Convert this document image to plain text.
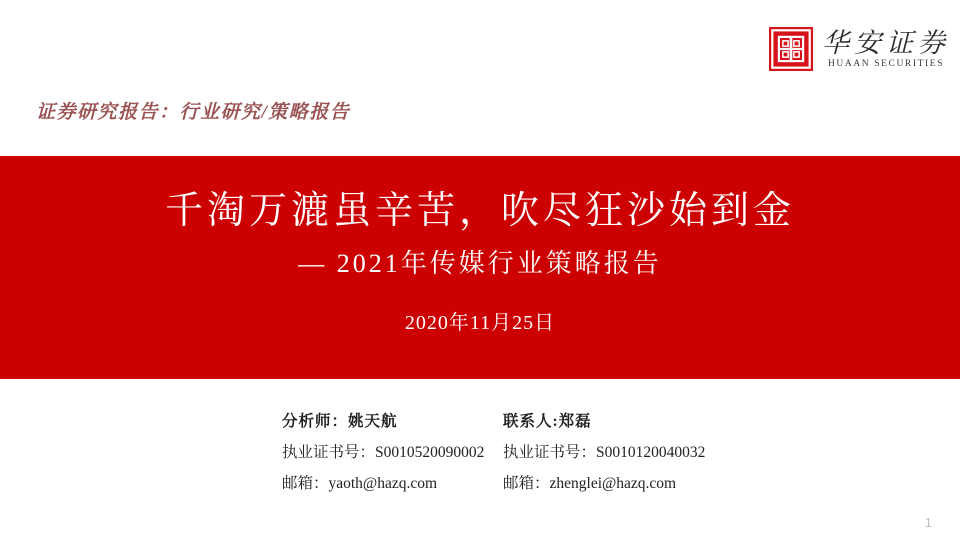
华安证券
HUAAN SECURITIES
证券研究报告：行业研究/策略报告
千淘万漉虽辛苦，吹尽狂沙始到金
— 2021年传媒行业策略报告
2020年11月25日
分析师：姚天航
执业证书号：S0010520090002
邮箱：yaoth@hazq.com
联系人:郑磊
执业证书号：S0010120040032
邮箱：zhenglei@hazq.com
1
